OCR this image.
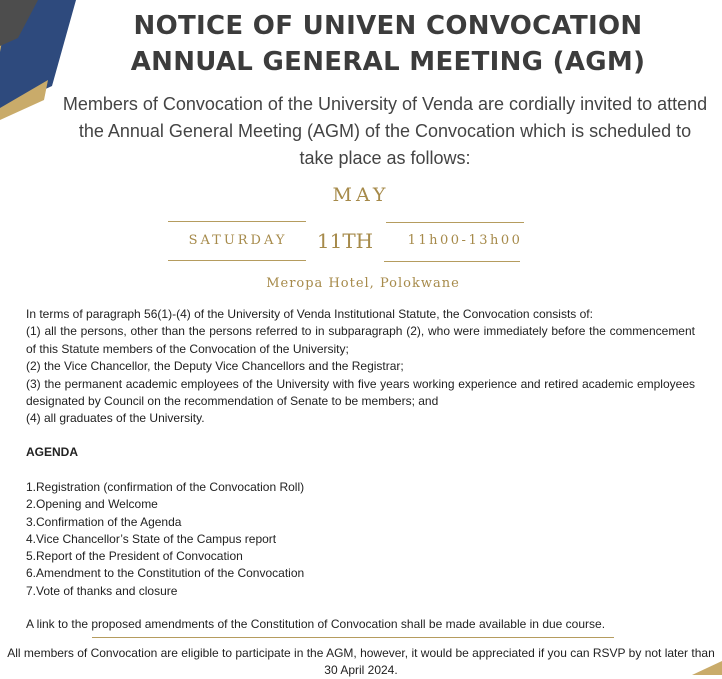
NOTICE OF UNIVEN CONVOCATION ANNUAL GENERAL MEETING (AGM)
Members of Convocation of the University of Venda are cordially invited to attend the Annual General Meeting (AGM) of the Convocation which is scheduled to take place as follows:
MAY
SATURDAY	11TH	11h00-13h00
Meropa Hotel, Polokwane

In terms of paragraph 56(1)-(4) of the University of Venda Institutional Statute, the Convocation consists of:

(1) all the persons, other than the persons referred to in subparagraph (2), who were immediately before the commencement of this Statute members of the Convocation of the University;

(2) the Vice Chancellor, the Deputy Vice Chancellors and the Registrar;

(3) the permanent academic employees of the University with five years working experience and retired academic employees designated by Council on the recommendation of Senate to be members; and

(4) all graduates of the University.

AGENDA
1.Registration (confirmation of the Convocation Roll)
2.Opening and Welcome
3.Confirmation of the Agenda
4.Vice Chancellor’s State of the Campus report
5.Report of the President of Convocation
6.Amendment to the Constitution of the Convocation
7.Vote of thanks and closure
A link to the proposed amendments of the Constitution of Convocation shall be made available in due course.
All members of Convocation are eligible to participate in the AGM, however, it would be appreciated if you can RSVP by not later than 30 April 2024.
